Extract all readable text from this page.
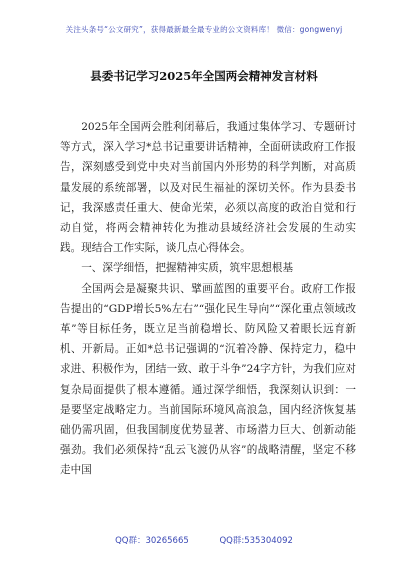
关注头条号“公文研究”，获得最新最全最专业的公文资料库！ 微信：gongwenyj
县委书记学习2025年全国两会精神发言材料

2025年全国两会胜利闭幕后，我通过集体学习、专题研讨等方式，深入学习*总书记重要讲话精神，全面研读政府工作报告，深刻感受到党中央对当前国内外形势的科学判断，对高质量发展的系统部署，以及对民生福祉的深切关怀。作为县委书记，我深感责任重大、使命光荣，必须以高度的政治自觉和行动自觉，将两会精神转化为推动县域经济社会发展的生动实践。现结合工作实际，谈几点心得体会。

一、深学细悟，把握精神实质，筑牢思想根基

全国两会是凝聚共识、擘画蓝图的重要平台。政府工作报告提出的“GDP增长5%左右”“强化民生导向”“深化重点领域改革”等目标任务，既立足当前稳增长、防风险又着眼长远育新机、开新局。正如*总书记强调的“沉着冷静、保持定力，稳中求进、积极作为，团结一致、敢于斗争”24字方针，为我们应对复杂局面提供了根本遵循。通过深学细悟，我深刻认识到：一是要坚定战略定力。当前国际环境风高浪急，国内经济恢复基础仍需巩固，但我国制度优势显著、市场潜力巨大、创新动能强劲。我们必须保持“乱云飞渡仍从容”的战略清醒，坚定不移走中国

QQ群：30265665	QQ群:535304092
